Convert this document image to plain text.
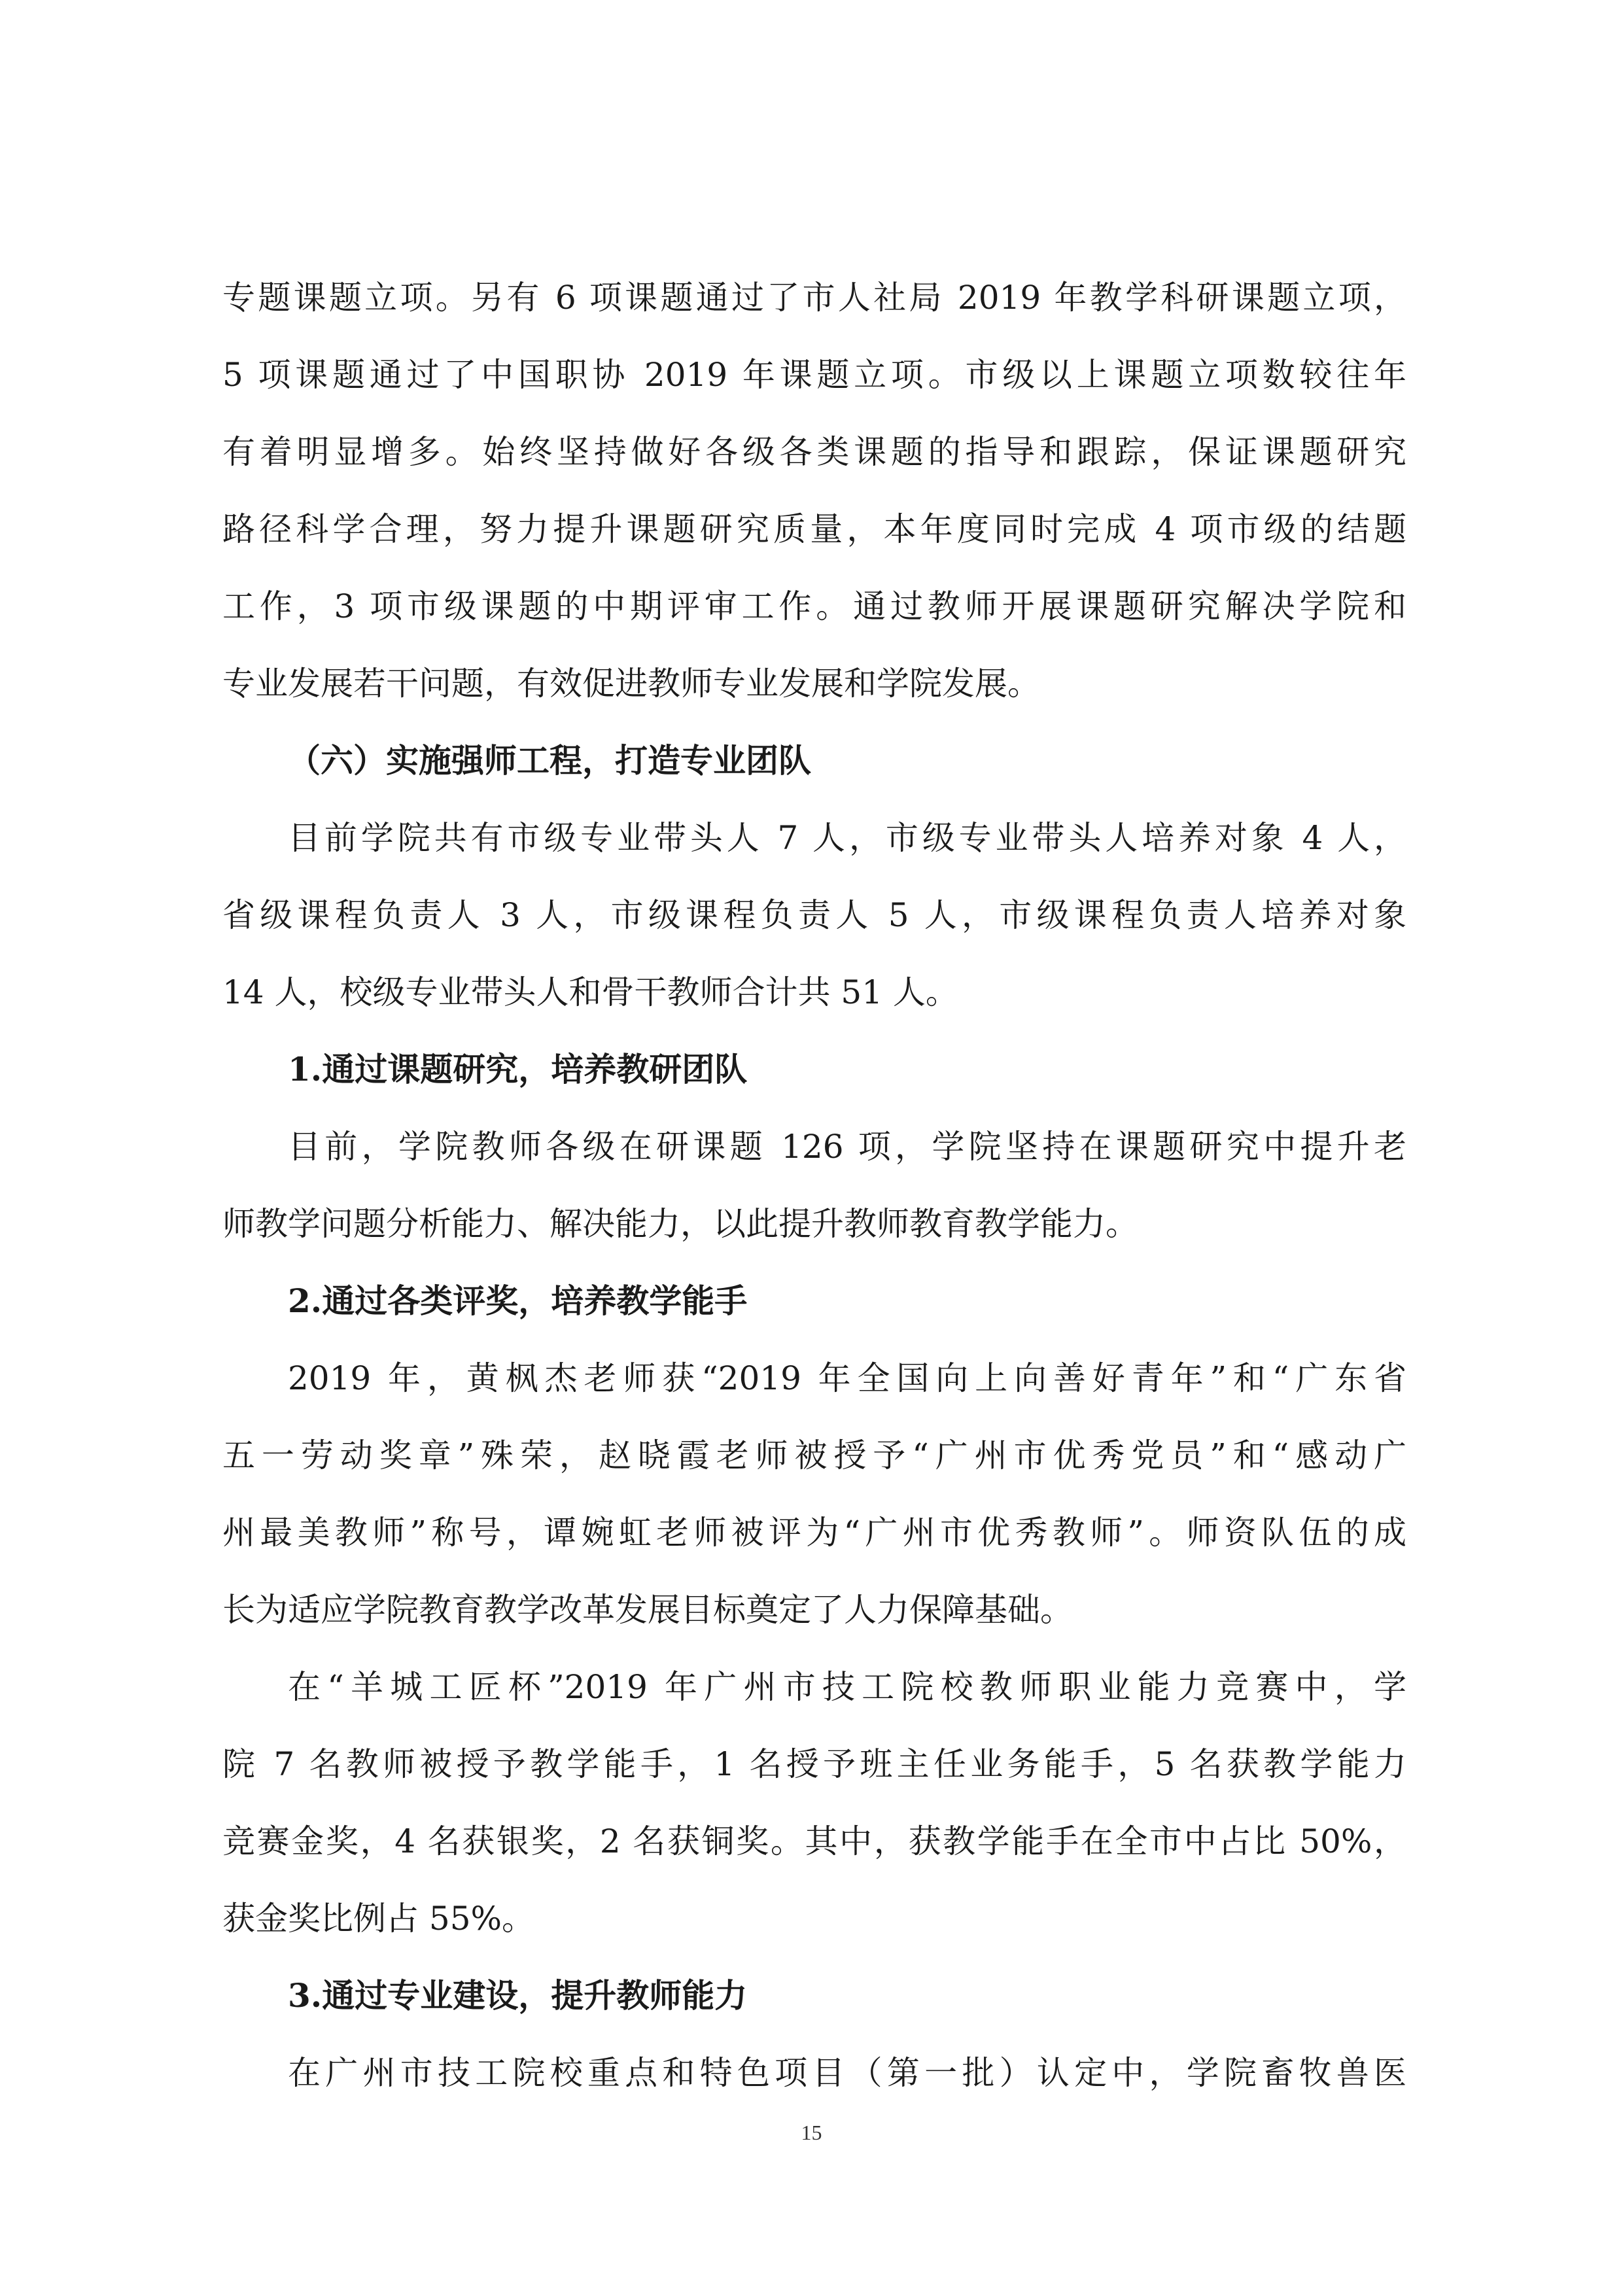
专题课题立项。另有 6 项课题通过了市人社局 2019 年教学科研课题立项，
5 项课题通过了中国职协 2019 年课题立项。市级以上课题立项数较往年
有着明显增多。始终坚持做好各级各类课题的指导和跟踪，保证课题研究
路径科学合理，努力提升课题研究质量，本年度同时完成 4 项市级的结题
工作，3 项市级课题的中期评审工作。通过教师开展课题研究解决学院和
专业发展若干问题，有效促进教师专业发展和学院发展。
（六）实施强师工程，打造专业团队
目前学院共有市级专业带头人 7 人，市级专业带头人培养对象 4 人，
省级课程负责人 3 人，市级课程负责人 5 人，市级课程负责人培养对象
14 人，校级专业带头人和骨干教师合计共 51 人。
1.通过课题研究，培养教研团队
目前，学院教师各级在研课题 126 项，学院坚持在课题研究中提升老
师教学问题分析能力、解决能力，以此提升教师教育教学能力。
2.通过各类评奖，培养教学能手
2019 年，黄枫杰老师获“2019 年全国向上向善好青年”和“广东省
五一劳动奖章”殊荣，赵晓霞老师被授予“广州市优秀党员”和“感动广
州最美教师”称号，谭婉虹老师被评为“广州市优秀教师”。师资队伍的成
长为适应学院教育教学改革发展目标奠定了人力保障基础。
在“羊城工匠杯”2019 年广州市技工院校教师职业能力竞赛中，学
院 7 名教师被授予教学能手，1 名授予班主任业务能手，5 名获教学能力
竞赛金奖，4 名获银奖，2 名获铜奖。其中，获教学能手在全市中占比 50%，
获金奖比例占 55%。
3.通过专业建设，提升教师能力
在广州市技工院校重点和特色项目（第一批）认定中，学院畜牧兽医
15
